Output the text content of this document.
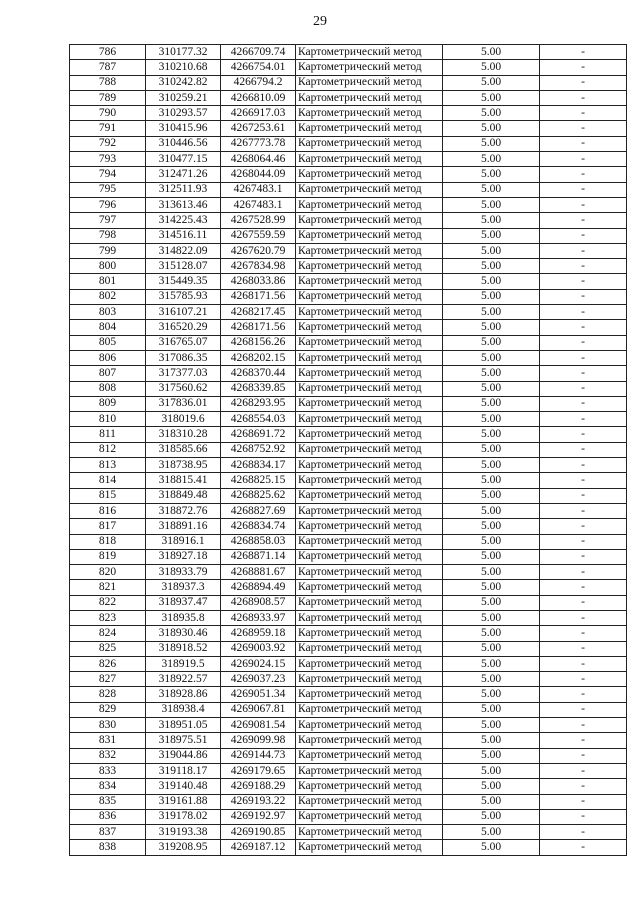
29
786	310177.32	4266709.74	Картометрический метод	5.00	-
787	310210.68	4266754.01	Картометрический метод	5.00	-
788	310242.82	4266794.2	Картометрический метод	5.00	-
789	310259.21	4266810.09	Картометрический метод	5.00	-
790	310293.57	4266917.03	Картометрический метод	5.00	-
791	310415.96	4267253.61	Картометрический метод	5.00	-
792	310446.56	4267773.78	Картометрический метод	5.00	-
793	310477.15	4268064.46	Картометрический метод	5.00	-
794	312471.26	4268044.09	Картометрический метод	5.00	-
795	312511.93	4267483.1	Картометрический метод	5.00	-
796	313613.46	4267483.1	Картометрический метод	5.00	-
797	314225.43	4267528.99	Картометрический метод	5.00	-
798	314516.11	4267559.59	Картометрический метод	5.00	-
799	314822.09	4267620.79	Картометрический метод	5.00	-
800	315128.07	4267834.98	Картометрический метод	5.00	-
801	315449.35	4268033.86	Картометрический метод	5.00	-
802	315785.93	4268171.56	Картометрический метод	5.00	-
803	316107.21	4268217.45	Картометрический метод	5.00	-
804	316520.29	4268171.56	Картометрический метод	5.00	-
805	316765.07	4268156.26	Картометрический метод	5.00	-
806	317086.35	4268202.15	Картометрический метод	5.00	-
807	317377.03	4268370.44	Картометрический метод	5.00	-
808	317560.62	4268339.85	Картометрический метод	5.00	-
809	317836.01	4268293.95	Картометрический метод	5.00	-
810	318019.6	4268554.03	Картометрический метод	5.00	-
811	318310.28	4268691.72	Картометрический метод	5.00	-
812	318585.66	4268752.92	Картометрический метод	5.00	-
813	318738.95	4268834.17	Картометрический метод	5.00	-
814	318815.41	4268825.15	Картометрический метод	5.00	-
815	318849.48	4268825.62	Картометрический метод	5.00	-
816	318872.76	4268827.69	Картометрический метод	5.00	-
817	318891.16	4268834.74	Картометрический метод	5.00	-
818	318916.1	4268858.03	Картометрический метод	5.00	-
819	318927.18	4268871.14	Картометрический метод	5.00	-
820	318933.79	4268881.67	Картометрический метод	5.00	-
821	318937.3	4268894.49	Картометрический метод	5.00	-
822	318937.47	4268908.57	Картометрический метод	5.00	-
823	318935.8	4268933.97	Картометрический метод	5.00	-
824	318930.46	4268959.18	Картометрический метод	5.00	-
825	318918.52	4269003.92	Картометрический метод	5.00	-
826	318919.5	4269024.15	Картометрический метод	5.00	-
827	318922.57	4269037.23	Картометрический метод	5.00	-
828	318928.86	4269051.34	Картометрический метод	5.00	-
829	318938.4	4269067.81	Картометрический метод	5.00	-
830	318951.05	4269081.54	Картометрический метод	5.00	-
831	318975.51	4269099.98	Картометрический метод	5.00	-
832	319044.86	4269144.73	Картометрический метод	5.00	-
833	319118.17	4269179.65	Картометрический метод	5.00	-
834	319140.48	4269188.29	Картометрический метод	5.00	-
835	319161.88	4269193.22	Картометрический метод	5.00	-
836	319178.02	4269192.97	Картометрический метод	5.00	-
837	319193.38	4269190.85	Картометрический метод	5.00	-
838	319208.95	4269187.12	Картометрический метод	5.00	-
